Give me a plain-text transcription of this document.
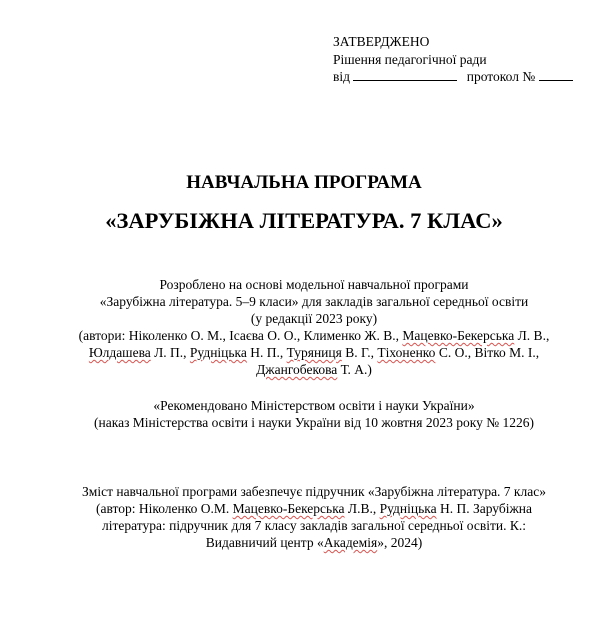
ЗАТВЕРДЖЕНО
Рішення педагогічної ради
від	протокол №
НАВЧАЛЬНА ПРОГРАМА
«ЗАРУБІЖНА ЛІТЕРАТУРА. 7 КЛАС»
Розроблено на основі модельної навчальної програми
«Зарубіжна література. 5–9 класи» для закладів загальної середньої освіти
(у редакції 2023 року)
(автори: Ніколенко О. М., Ісаєва О. О., Клименко Ж. В., Мацевко-Бекерська Л. В.,
Юлдашева Л. П., Рудніцька Н. П., Туряниця В. Г., Тіхоненко С. О., Вітко М. І.,
Джангобекова Т. А.)
«Рекомендовано Міністерством освіти і науки України»
(наказ Міністерства освіти і науки України від 10 жовтня 2023 року № 1226)
Зміст навчальної програми забезпечує підручник «Зарубіжна література. 7 клас»
(автор: Ніколенко О.М. Мацевко-Бекерська Л.В., Рудніцька Н. П. Зарубіжна
література: підручник для 7 класу закладів загальної середньої освіти. К.:
Видавничий центр «Академія», 2024)
